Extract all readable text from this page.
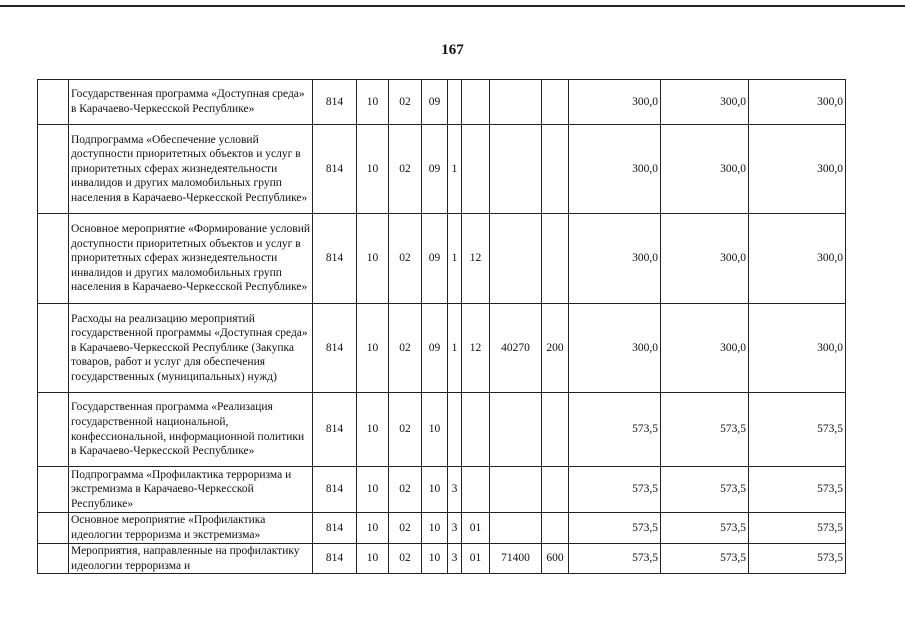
167
	Государственная программа «Доступная среда» в Карачаево-Черкесской Республике»	814	10	02	09					300,0	300,0	300,0
	Подпрограмма «Обеспечение условий доступности приоритетных объектов и услуг в приоритетных сферах жизнедеятельности инвалидов и других маломобильных групп населения в Карачаево-Черкесской Республике»	814	10	02	09	1				300,0	300,0	300,0
	Основное мероприятие «Формирование условий доступности приоритетных объектов и услуг в приоритетных сферах жизнедеятельности инвалидов и других маломобильных групп населения в Карачаево-Черкесской Республике»	814	10	02	09	1	12			300,0	300,0	300,0
	Расходы на реализацию мероприятий государственной программы «Доступная среда» в Карачаево-Черкесской Республике (Закупка товаров, работ и услуг для обеспечения государственных (муниципальных) нужд)	814	10	02	09	1	12	40270	200	300,0	300,0	300,0
	Государственная программа «Реализация государственной национальной, конфессиональной, информационной политики в Карачаево-Черкесской Республике»	814	10	02	10					573,5	573,5	573,5
	Подпрограмма «Профилактика терроризма и экстремизма в Карачаево-Черкесской Республике»	814	10	02	10	3				573,5	573,5	573,5
	Основное мероприятие «Профилактика идеологии терроризма и экстремизма»	814	10	02	10	3	01			573,5	573,5	573,5
	Мероприятия, направленные на профилактику идеологии терроризма и	814	10	02	10	3	01	71400	600	573,5	573,5	573,5
